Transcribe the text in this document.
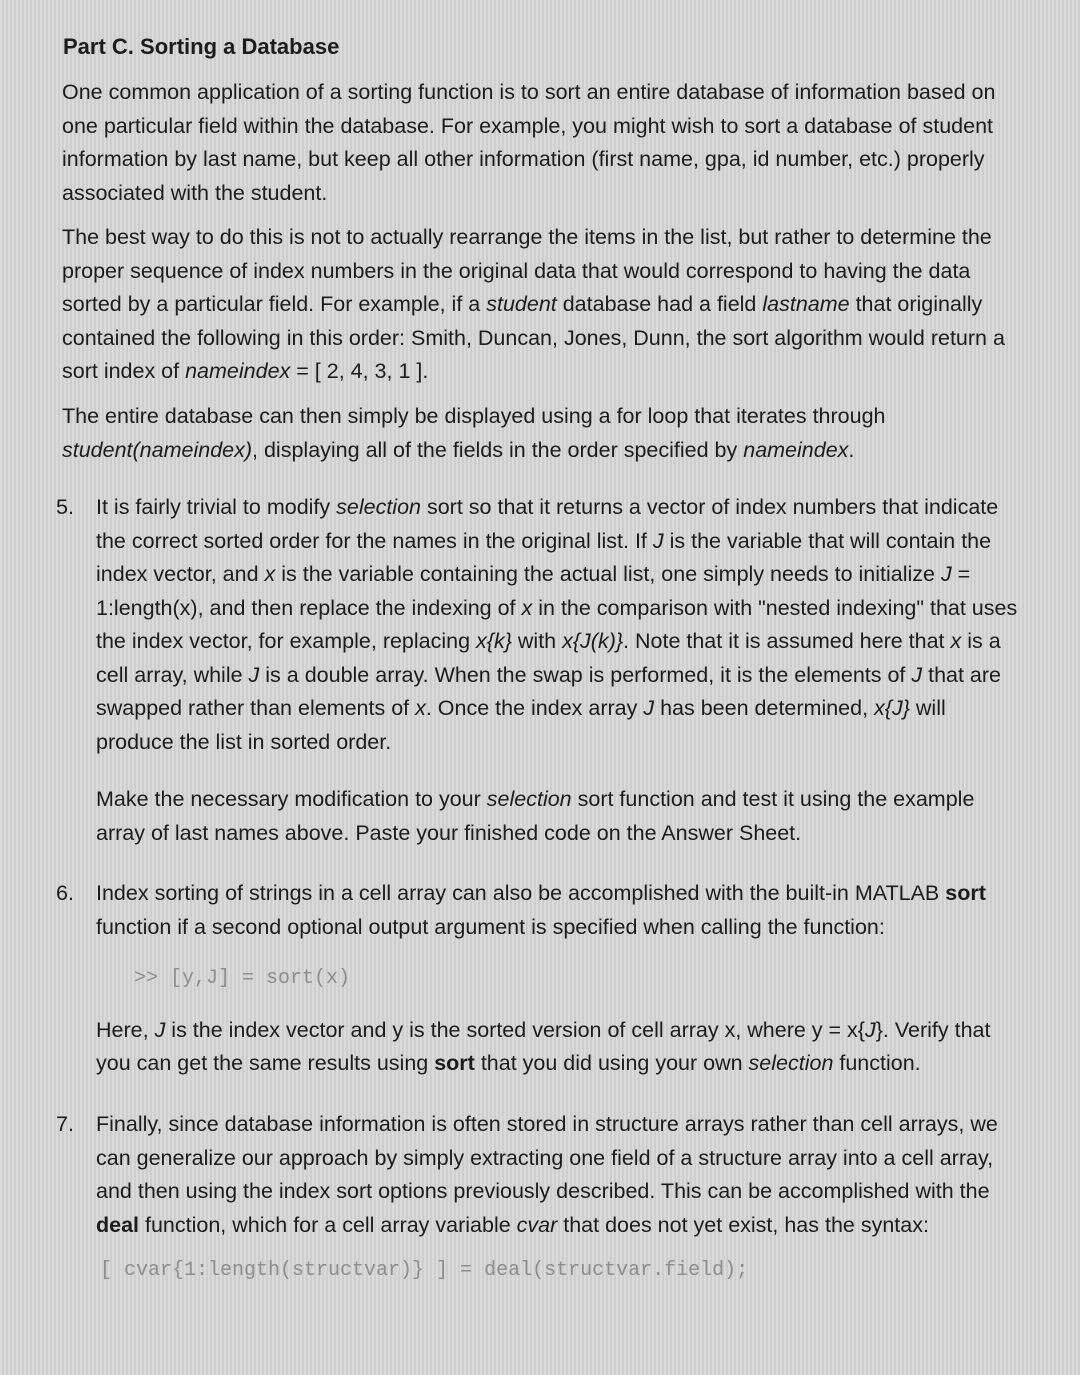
Part C. Sorting a Database

One common application of a sorting function is to sort an entire database of information based on one particular field within the database. For example, you might wish to sort a database of student information by last name, but keep all other information (first name, gpa, id number, etc.) properly associated with the student.

The best way to do this is not to actually rearrange the items in the list, but rather to determine the proper sequence of index numbers in the original data that would correspond to having the data sorted by a particular field. For example, if a student database had a field lastname that originally contained the following in this order: Smith, Duncan, Jones, Dunn, the sort algorithm would return a sort index of nameindex = [ 2, 4, 3, 1 ].

The entire database can then simply be displayed using a for loop that iterates through student(nameindex), displaying all of the fields in the order specified by nameindex.

5.	It is fairly trivial to modify selection sort so that it returns a vector of index numbers that indicate the correct sorted order for the names in the original list. If J is the variable that will contain the index vector, and x is the variable containing the actual list, one simply needs to initialize J = 1:length(x), and then replace the indexing of x in the comparison with "nested indexing" that uses the index vector, for example, replacing x{k} with x{J(k)}. Note that it is assumed here that x is a cell array, while J is a double array. When the swap is performed, it is the elements of J that are swapped rather than elements of x. Once the index array J has been determined, x{J} will produce the list in sorted order.

Make the necessary modification to your selection sort function and test it using the example array of last names above. Paste your finished code on the Answer Sheet.

6.	Index sorting of strings in a cell array can also be accomplished with the built-in MATLAB sort function if a second optional output argument is specified when calling the function:

>> [y,J] = sort(x)

Here, J is the index vector and y is the sorted version of cell array x, where y = x{J}. Verify that you can get the same results using sort that you did using your own selection function.

7.	Finally, since database information is often stored in structure arrays rather than cell arrays, we can generalize our approach by simply extracting one field of a structure array into a cell array, and then using the index sort options previously described. This can be accomplished with the deal function, which for a cell array variable cvar that does not yet exist, has the syntax:

[ cvar{1:length(structvar)} ] = deal(structvar.field);
